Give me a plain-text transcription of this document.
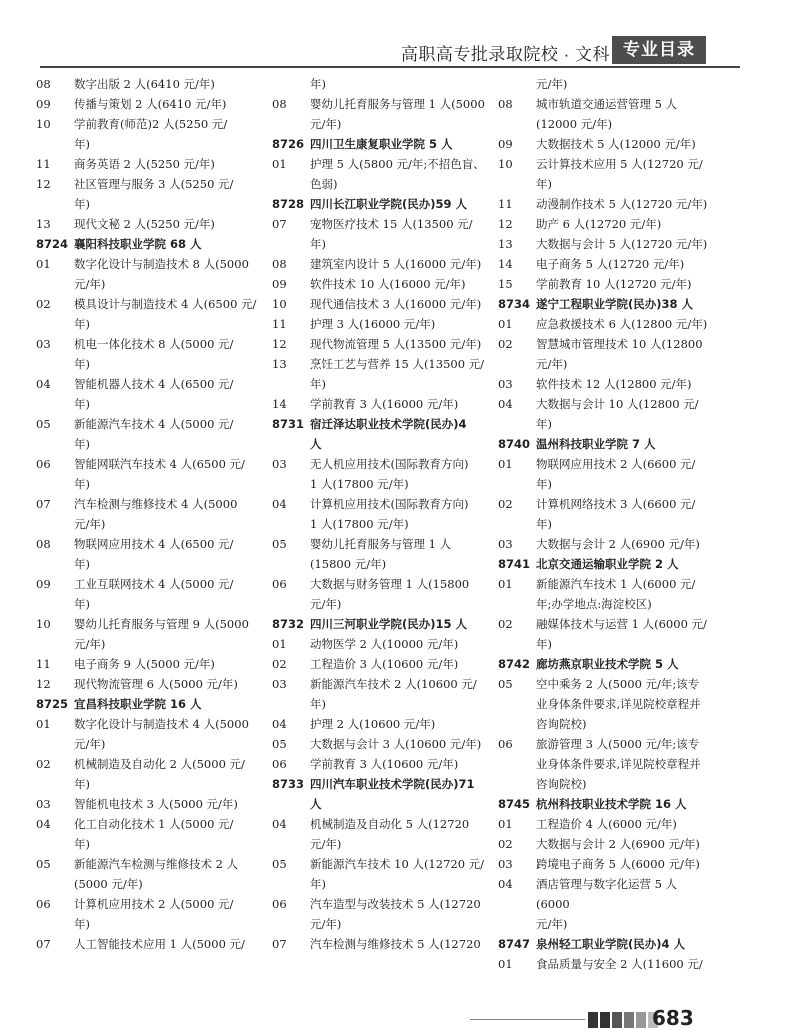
高职高专批录取院校 · 文科 专业目录
08	数字出版 2 人(6410 元/年)
09	传播与策划 2 人(6410 元/年)
10	学前教育(师范)2 人(5250 元/
年)
11	商务英语 2 人(5250 元/年)
12	社区管理与服务 3 人(5250 元/
年)
13	现代文秘 2 人(5250 元/年)
8724 襄阳科技职业学院 68 人
01	数字化设计与制造技术 8 人(5000
元/年)
02	模具设计与制造技术 4 人(6500 元/
年)
03	机电一体化技术 8 人(5000 元/
年)
04	智能机器人技术 4 人(6500 元/
年)
05	新能源汽车技术 4 人(5000 元/
年)
06	智能网联汽车技术 4 人(6500 元/
年)
07	汽车检测与维修技术 4 人(5000
元/年)
08	物联网应用技术 4 人(6500 元/
年)
09	工业互联网技术 4 人(5000 元/
年)
10	婴幼儿托育服务与管理 9 人(5000
元/年)
11	电子商务 9 人(5000 元/年)
12	现代物流管理 6 人(5000 元/年)
8725 宜昌科技职业学院 16 人
01	数字化设计与制造技术 4 人(5000
元/年)
02	机械制造及自动化 2 人(5000 元/
年)
03	智能机电技术 3 人(5000 元/年)
04	化工自动化技术 1 人(5000 元/
年)
05	新能源汽车检测与维修技术 2 人
(5000 元/年)
06	计算机应用技术 2 人(5000 元/
年)
07	人工智能技术应用 1 人(5000 元/
年)
08	婴幼儿托育服务与管理 1 人(5000
元/年)
8726 四川卫生康复职业学院 5 人
01	护理 5 人(5800 元/年;不招色盲、
色弱)
8728 四川长江职业学院(民办)59 人
07	宠物医疗技术 15 人(13500 元/
年)
08	建筑室内设计 5 人(16000 元/年)
09	软件技术 10 人(16000 元/年)
10	现代通信技术 3 人(16000 元/年)
11	护理 3 人(16000 元/年)
12	现代物流管理 5 人(13500 元/年)
13	烹饪工艺与营养 15 人(13500 元/
年)
14	学前教育 3 人(16000 元/年)
8731 宿迁泽达职业技术学院(民办)4
人
03	无人机应用技术(国际教育方向)
1 人(17800 元/年)
04	计算机应用技术(国际教育方向)
1 人(17800 元/年)
05	婴幼儿托育服务与管理 1 人
(15800 元/年)
06	大数据与财务管理 1 人(15800
元/年)
8732 四川三河职业学院(民办)15 人
01	动物医学 2 人(10000 元/年)
02	工程造价 3 人(10600 元/年)
03	新能源汽车技术 2 人(10600 元/
年)
04	护理 2 人(10600 元/年)
05	大数据与会计 3 人(10600 元/年)
06	学前教育 3 人(10600 元/年)
8733 四川汽车职业技术学院(民办)71
人
04	机械制造及自动化 5 人(12720
元/年)
05	新能源汽车技术 10 人(12720 元/
年)
06	汽车造型与改装技术 5 人(12720
元/年)
07	汽车检测与维修技术 5 人(12720
元/年)
08	城市轨道交通运营管理 5 人
(12000 元/年)
09	大数据技术 5 人(12000 元/年)
10	云计算技术应用 5 人(12720 元/
年)
11	动漫制作技术 5 人(12720 元/年)
12	助产 6 人(12720 元/年)
13	大数据与会计 5 人(12720 元/年)
14	电子商务 5 人(12720 元/年)
15	学前教育 10 人(12720 元/年)
8734 遂宁工程职业学院(民办)38 人
01	应急救援技术 6 人(12800 元/年)
02	智慧城市管理技术 10 人(12800
元/年)
03	软件技术 12 人(12800 元/年)
04	大数据与会计 10 人(12800 元/
年)
8740 温州科技职业学院 7 人
01	物联网应用技术 2 人(6600 元/
年)
02	计算机网络技术 3 人(6600 元/
年)
03	大数据与会计 2 人(6900 元/年)
8741 北京交通运输职业学院 2 人
01	新能源汽车技术 1 人(6000 元/
年;办学地点:海淀校区)
02	融媒体技术与运营 1 人(6000 元/
年)
8742 廊坊燕京职业技术学院 5 人
05	空中乘务 2 人(5000 元/年;该专
业身体条件要求,详见院校章程并
咨询院校)
06	旅游管理 3 人(5000 元/年;该专
业身体条件要求,详见院校章程并
咨询院校)
8745 杭州科技职业技术学院 16 人
01	工程造价 4 人(6000 元/年)
02	大数据与会计 2 人(6900 元/年)
03	跨境电子商务 5 人(6000 元/年)
04	酒店管理与数字化运营 5 人(6000
元/年)
8747 泉州轻工职业学院(民办)4 人
01	食品质量与安全 2 人(11600 元/
683
